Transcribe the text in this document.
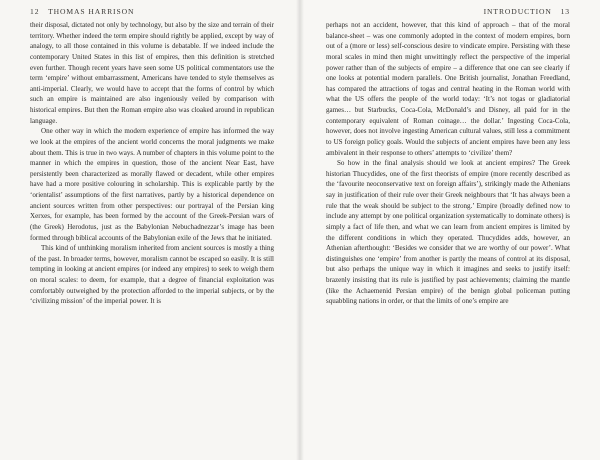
12 THOMAS HARRISON

their disposal, dictated not only by technology, but also by the size and terrain of their territory. Whether indeed the term empire should rightly be applied, except by way of analogy, to all those contained in this volume is debatable. If we indeed include the contemporary United States in this list of empires, then this definition is stretched even further. Though recent years have seen some US political commentators use the term ‘empire’ without embarrassment, Americans have tended to style themselves as anti-imperial. Clearly, we would have to accept that the forms of control by which such an empire is maintained are also ingeniously veiled by comparison with historical empires. But then the Roman empire also was cloaked around in republican language.

One other way in which the modern experience of empire has informed the way we look at the empires of the ancient world concerns the moral judgments we make about them. This is true in two ways. A number of chapters in this volume point to the manner in which the empires in question, those of the ancient Near East, have persistently been characterized as morally flawed or decadent, while other empires have had a more positive colouring in scholarship. This is explicable partly by the ‘orientalist’ assumptions of the first narratives, partly by a historical dependence on ancient sources written from other perspectives: our portrayal of the Persian king Xerxes, for example, has been formed by the account of the Greek-Persian wars of (the Greek) Herodotus, just as the Babylonian Nebuchadnezzar’s image has been formed through biblical accounts of the Babylonian exile of the Jews that he initiated.

This kind of unthinking moralism inherited from ancient sources is mostly a thing of the past. In broader terms, however, moralism cannot be escaped so easily. It is still tempting in looking at ancient empires (or indeed any empires) to seek to weigh them on moral scales: to deem, for example, that a degree of financial exploitation was comfortably outweighed by the protection afforded to the imperial subjects, or by the ‘civilizing mission’ of the imperial power. It is

INTRODUCTION 13

perhaps not an accident, however, that this kind of approach – that of the moral balance-sheet – was one commonly adopted in the context of modern empires, born out of a (more or less) self-conscious desire to vindicate empire. Persisting with these moral scales in mind then might unwittingly reflect the perspective of the imperial power rather than of the subjects of empire – a difference that one can see clearly if one looks at potential modern parallels. One British journalist, Jonathan Freedland, has compared the attractions of togas and central heating in the Roman world with what the US offers the people of the world today: ‘It’s not togas or gladiatorial games… but Starbucks, Coca-Cola, McDonald’s and Disney, all paid for in the contemporary equivalent of Roman coinage… the dollar.’ Ingesting Coca-Cola, however, does not involve ingesting American cultural values, still less a commitment to US foreign policy goals. Would the subjects of ancient empires have been any less ambivalent in their response to others’ attempts to ‘civilize’ them?

So how in the final analysis should we look at ancient empires? The Greek historian Thucydides, one of the first theorists of empire (more recently described as the ‘favourite neoconservative text on foreign affairs’), strikingly made the Athenians say in justification of their rule over their Greek neighbours that ‘It has always been a rule that the weak should be subject to the strong.’ Empire (broadly defined now to include any attempt by one political organization systematically to dominate others) is simply a fact of life then, and what we can learn from ancient empires is limited by the different conditions in which they operated. Thucydides adds, however, an Athenian afterthought: ‘Besides we consider that we are worthy of our power’. What distinguishes one ‘empire’ from another is partly the means of control at its disposal, but also perhaps the unique way in which it imagines and seeks to justify itself: brazenly insisting that its rule is justified by past achievements; claiming the mantle (like the Achaemenid Persian empire) of the benign global policeman putting squabbling nations in order, or that the limits of one’s empire are
